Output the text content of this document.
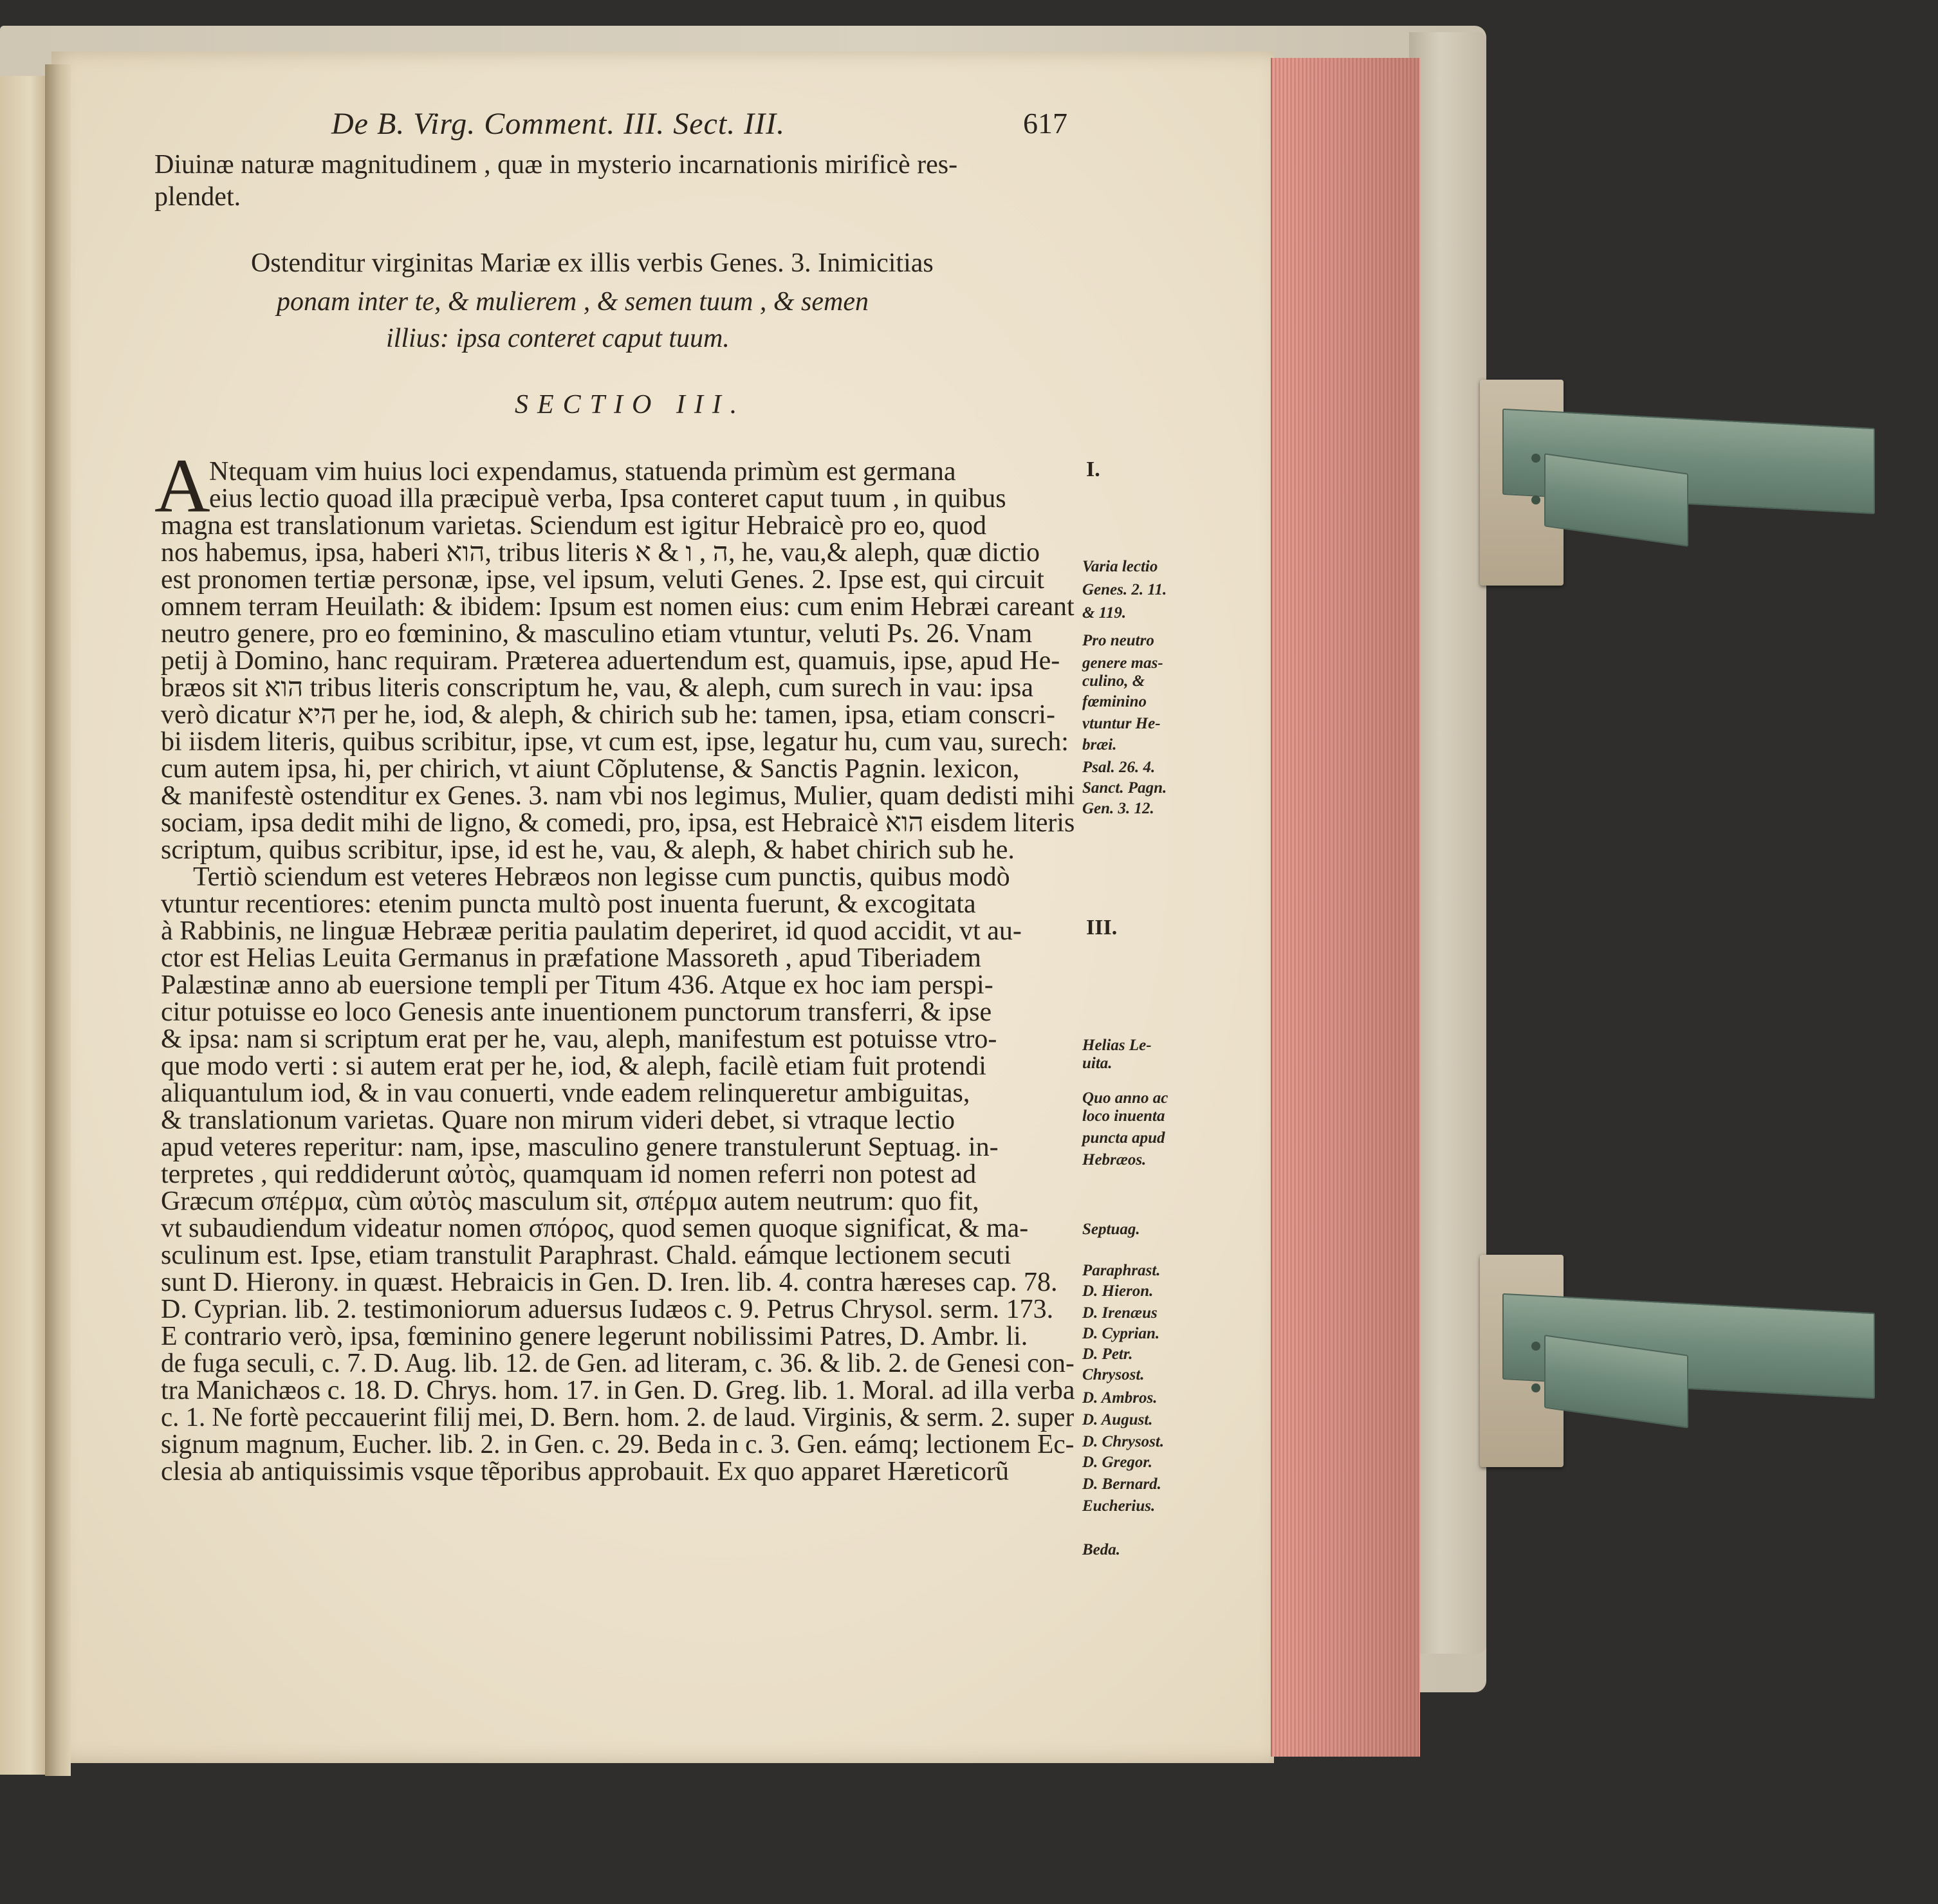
De B. Virg. Comment. III. Sect. III.	617
Diuinæ naturæ magnitudinem , quæ in mysterio incarnationis mirificè res-
plendet.
Ostenditur virginitas Mariæ ex illis verbis Genes. 3. Inimicitias
ponam inter te, & mulierem , & semen tuum , & semen
illius: ipsa conteret caput tuum.
SECTIO III.
A
Ntequam vim huius loci expendamus, statuenda primùm est germana
eius lectio quoad illa præcipuè verba, Ipsa conteret caput tuum , in quibus
magna est translationum varietas. Sciendum est igitur Hebraicè pro eo, quod
nos habemus, ipsa, haberi הוא, tribus literis ה , ו & א, he, vau,& aleph, quæ dictio
est pronomen tertiæ personæ, ipse, vel ipsum, veluti Genes. 2. Ipse est, qui circuit
omnem terram Heuilath: & ibidem: Ipsum est nomen eius: cum enim Hebræi careant
neutro genere, pro eo fœminino, & masculino etiam vtuntur, veluti Ps. 26. Vnam
petij à Domino, hanc requiram. Præterea aduertendum est, quamuis, ipse, apud He-
bræos sit הוא tribus literis conscriptum he, vau, & aleph, cum surech in vau: ipsa
verò dicatur היא per he, iod, & aleph, & chirich sub he: tamen, ipsa, etiam conscri-
bi iisdem literis, quibus scribitur, ipse, vt cum est, ipse, legatur hu, cum vau, surech:
cum autem ipsa, hi, per chirich, vt aiunt Cõplutense, & Sanctis Pagnin. lexicon,
& manifestè ostenditur ex Genes. 3. nam vbi nos legimus, Mulier, quam dedisti mihi
sociam, ipsa dedit mihi de ligno, & comedi, pro, ipsa, est Hebraicè הוא eisdem literis
scriptum, quibus scribitur, ipse, id est he, vau, & aleph, & habet chirich sub he.
Tertiò sciendum est veteres Hebræos non legisse cum punctis, quibus modò
vtuntur recentiores: etenim puncta multò post inuenta fuerunt, & excogitata
à Rabbinis, ne linguæ Hebrææ peritia paulatim deperiret, id quod accidit, vt au-
ctor est Helias Leuita Germanus in præfatione Massoreth , apud Tiberiadem
Palæstinæ anno ab euersione templi per Titum 436. Atque ex hoc iam perspi-
citur potuisse eo loco Genesis ante inuentionem punctorum transferri, & ipse
& ipsa: nam si scriptum erat per he, vau, aleph, manifestum est potuisse vtro-
que modo verti : si autem erat per he, iod, & aleph, facilè etiam fuit protendi
aliquantulum iod, & in vau conuerti, vnde eadem relinqueretur ambiguitas,
& translationum varietas. Quare non mirum videri debet, si vtraque lectio
apud veteres reperitur: nam, ipse, masculino genere transtulerunt Septuag. in-
terpretes , qui reddiderunt αὐτὸς, quamquam id nomen referri non potest ad
Græcum σπέρμα, cùm αὐτὸς masculum sit, σπέρμα autem neutrum: quo fit,
vt subaudiendum videatur nomen σπόρος, quod semen quoque significat, & ma-
sculinum est. Ipse, etiam transtulit Paraphrast. Chald. eámque lectionem secuti
sunt D. Hierony. in quæst. Hebraicis in Gen. D. Iren. lib. 4. contra hæreses cap. 78.
D. Cyprian. lib. 2. testimoniorum aduersus Iudæos c. 9. Petrus Chrysol. serm. 173.
E contrario verò, ipsa, fœminino genere legerunt nobilissimi Patres, D. Ambr. li.
de fuga seculi, c. 7. D. Aug. lib. 12. de Gen. ad literam, c. 36. & lib. 2. de Genesi con-
tra Manichæos c. 18. D. Chrys. hom. 17. in Gen. D. Greg. lib. 1. Moral. ad illa verba
c. 1. Ne fortè peccauerint filij mei, D. Bern. hom. 2. de laud. Virginis, & serm. 2. super
signum magnum, Eucher. lib. 2. in Gen. c. 29. Beda in c. 3. Gen. eámq; lectionem Ec-
clesia ab antiquissimis vsque tẽporibus approbauit. Ex quo apparet Hæreticorũ
I.
Varia lectio
Genes. 2. 11.
& 119.
Pro neutro
genere mas-
culino, &
fœminino
vtuntur He-
bræi.
Psal. 26. 4.
Sanct. Pagn.
Gen. 3. 12.
III.
Helias Le-
uita.
Quo anno ac
loco inuenta
puncta apud
Hebræos.
Septuag.
Paraphrast.
D. Hieron.
D. Irenæus
D. Cyprian.
D. Petr.
Chrysost.
D. Ambros.
D. August.
D. Chrysost.
D. Gregor.
D. Bernard.
Eucherius.
Beda.
